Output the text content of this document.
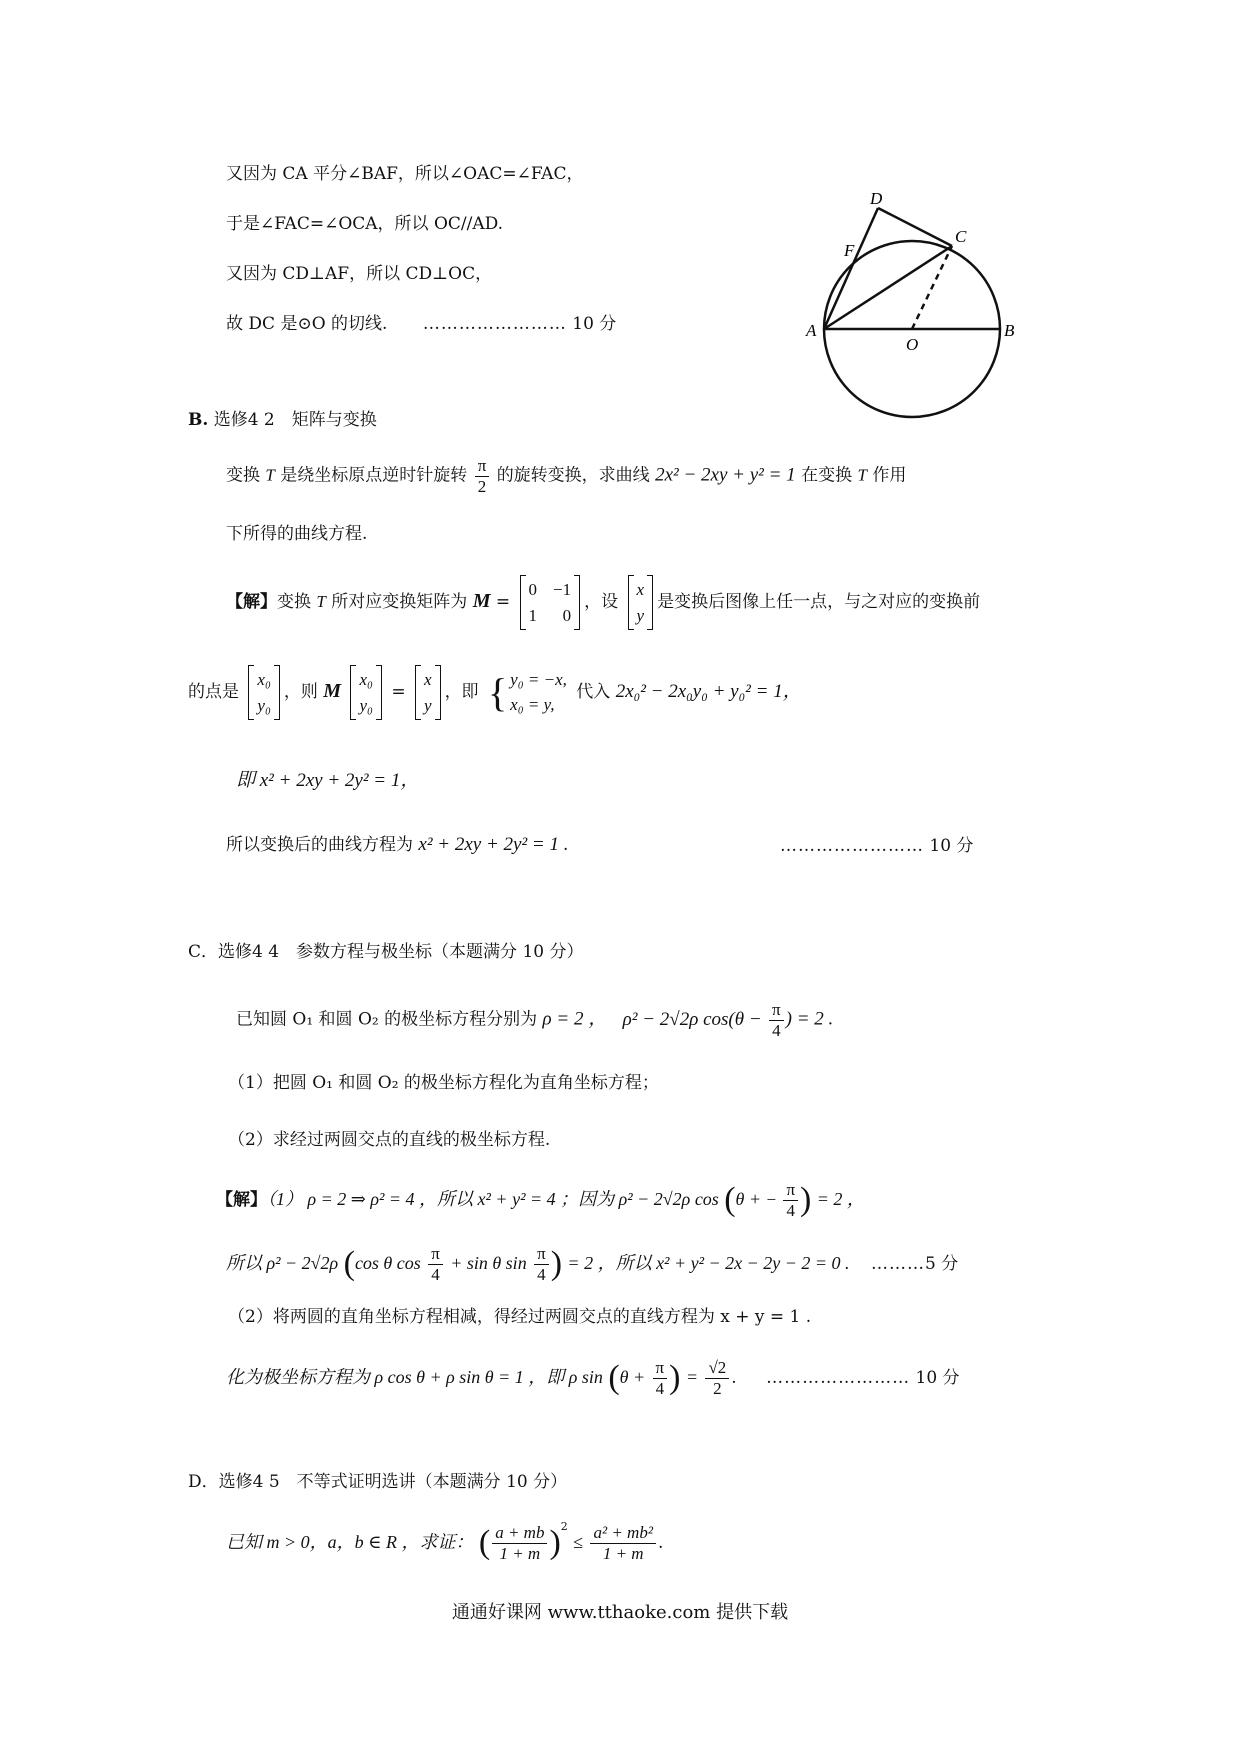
又因为 CA 平分∠BAF，所以∠OAC=∠FAC，
于是∠FAC=∠OCA，所以 OC//AD.
又因为 CD⊥AF，所以 CD⊥OC，
故 DC 是⊙O 的切线. …………………… 10 分
D
F
C
A
O
B
B. 选修4 2　矩阵与变换
变换 T 是绕坐标原点逆时针旋转 $\frac{\pi}{2}$ 的旋转变换，求曲线 2x² − 2xy + y² = 1 在变换 T 作用
下所得的曲线方程.
【解】变换 T 所对应变换矩阵为 M =
0 −1
1 0
，设
x
y
是变换后图像上任一点，与之对应的变换前
的点是
x₀
y₀
，则 M
x₀
y₀
=
x
y
，即 { y₀ = −x,
x₀ = y,
代入 2x₀² − 2x₀y₀ + y₀² = 1，
即 x² + 2xy + 2y² = 1，
所以变换后的曲线方程为 x² + 2xy + 2y² = 1 .	…………………… 10 分
C．选修4 4　参数方程与极坐标（本题满分 10 分）
已知圆 O₁ 和圆 O₂ 的极坐标方程分别为 ρ = 2 ， ρ² − 2√2ρ $\cos(\theta - \frac{\pi}{4}$ ) = 2 .
（1）把圆 O₁ 和圆 O₂ 的极坐标方程化为直角坐标方程；
（2）求经过两圆交点的直线的极坐标方程.
【解】（1） ρ = 2 ⇒ ρ² = 4 ，所以 x² + y² = 4 ；因为 ρ² − 2√2ρ cos (θ + − $\frac{\pi}{4}$ ) = 2 ，
所以 ρ² − 2√2ρ (cos θ $\cos \frac{\pi}{4} + \sin \theta$ $\sin \frac{\pi}{4}$ ) = 2 ，所以 x² + y² − 2x − 2y − 2 = 0 . ………5 分
（2）将两圆的直角坐标方程相减，得经过两圆交点的直线方程为 x + y = 1 .
化为极坐标方程为 ρ cos θ + ρ sin θ = 1 ，即 ρ $\sin (\theta + \frac{\pi}{4}$ ) = $\frac{√2}{2}$ . …………………… 10 分
D．选修4 5　不等式证明选讲（本题满分 10 分）
已知 m > 0，a，b ∈ R ，求证： ( $\frac{a + mb}{1 + m} )^2 \le \frac{\text{a² + mb²}}{1 + m}$ .
通通好课网 www.tthaoke.com 提供下载
